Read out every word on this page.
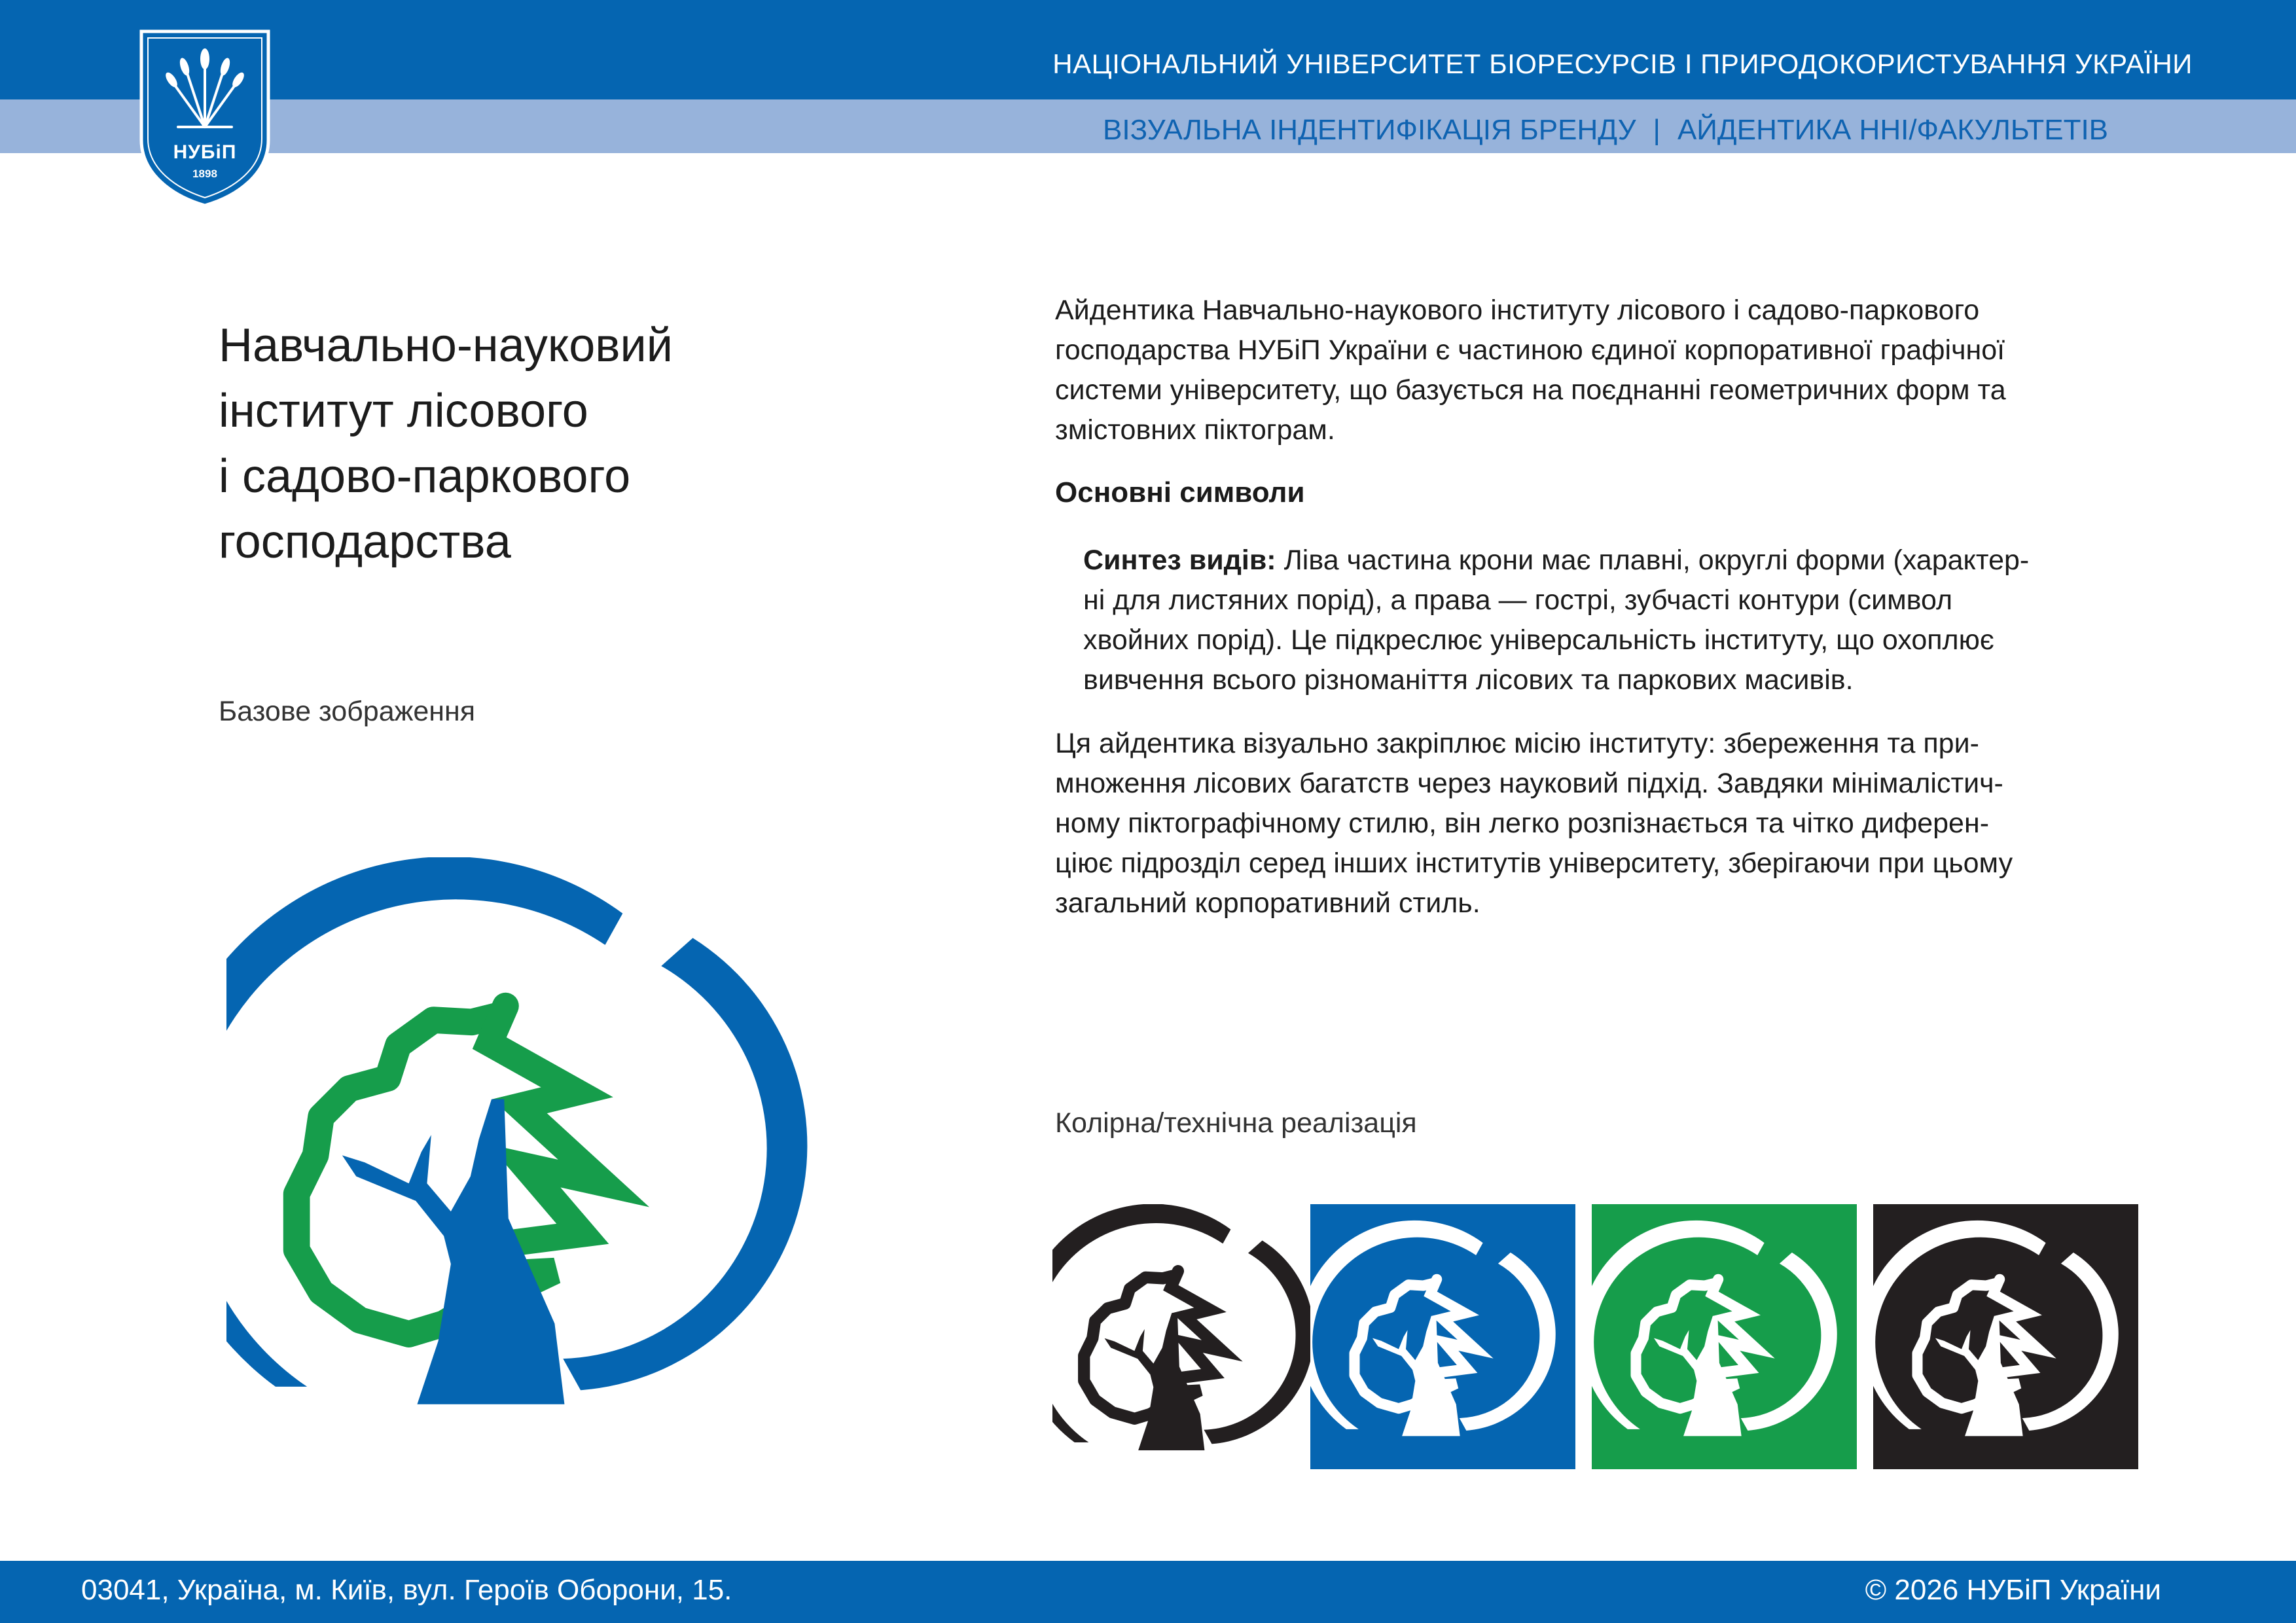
НУБіП
1898
НАЦІОНАЛЬНИЙ УНІВЕРСИТЕТ БІОРЕСУРСІВ І ПРИРОДОКОРИСТУВАННЯ УКРАЇНИ
ВІЗУАЛЬНА ІНДЕНТИФІКАЦІЯ БРЕНДУ | АЙДЕНТИКА ННІ/ФАКУЛЬТЕТІВ
Навчально-науковий
інститут лісового
і садово-паркового
господарства
Базове зображення
Айдентика Навчально-наукового інституту лісового і садово-паркового
господарства НУБіП України є частиною єдиної корпоративної графічної
системи університету, що базується на поєднанні геометричних форм та
змістовних піктограм.
Основні символи
Синтез видів: Ліва частина крони має плавні, округлі форми (характер-
ні для листяних порід), а права — гострі, зубчасті контури (символ
хвойних порід). Це підкреслює універсальність інституту, що охоплює
вивчення всього різноманіття лісових та паркових масивів.
Ця айдентика візуально закріплює місію інституту: збереження та при-
множення лісових багатств через науковий підхід. Завдяки мінімалістич-
ному піктографічному стилю, він легко розпізнається та чітко диферен-
ціює підрозділ серед інших інститутів університету, зберігаючи при цьому
загальний корпоративний стиль.
Колірна/технічна реалізація
03041, Україна, м. Київ, вул. Героїв Оборони, 15.	© 2026 НУБіП України
